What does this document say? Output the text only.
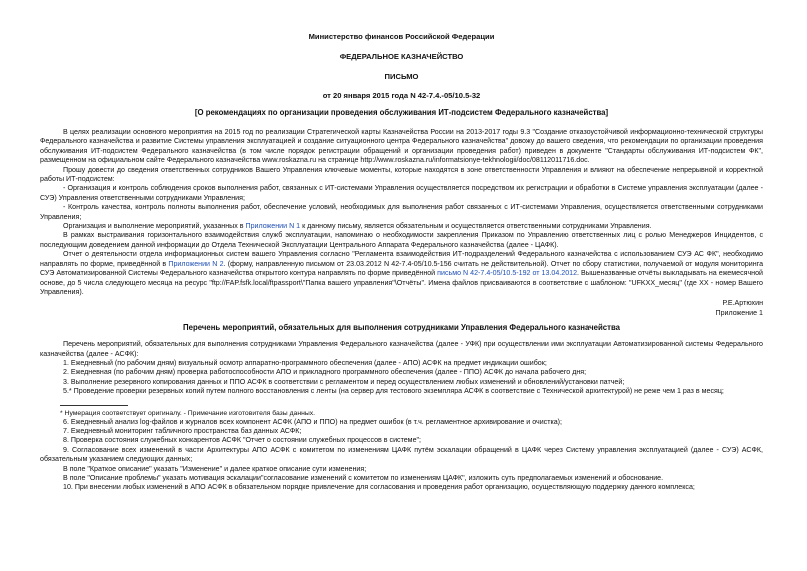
Министерство финансов Российской Федерации
ФЕДЕРАЛЬНОЕ КАЗНАЧЕЙСТВО
ПИСЬМО
от 20 января 2015 года N 42-7.4.-05/10.5-32
[О рекомендациях по организации проведения обслуживания ИТ-подсистем Федерального казначейства]

В целях реализации основного мероприятия на 2015 год по реализации Стратегической карты Казначейства России на 2013-2017 годы 9.3 "Создание отказоустойчивой информационно-технической структуры Федерального казначейства и развитие Системы управления эксплуатацией и создание ситуационного центра Федерального казначейства" довожу до вашего сведения, что рекомендации по организации проведения обслуживания ИТ-подсистем Федерального казначейства (в том числе порядок регистрации обращений и организации проведения работ) приведен в документе "Стандарты обслуживания ИТ-подсистем ФК", размещенном на официальном сайте Федерального казначейства www.roskazna.ru на странице http://www.roskazna.ru/informatsionye-tekhnologii/doc/08112011716.doc.

Прошу довести до сведения ответственных сотрудников Вашего Управления ключевые моменты, которые находятся в зоне ответственности Управления и влияют на обеспечение непрерывной и корректной работы ИТ-подсистем:

- Организация и контроль соблюдения сроков выполнения работ, связанных с ИТ-системами Управления осуществляется посредством их регистрации и обработки в Системе управления эксплуатации (далее - СУЭ) Управления ответственными сотрудниками Управления;

- Контроль качества, контроль полноты выполнения работ, обеспечение условий, необходимых для выполнения работ связанных с ИТ-системами Управления, осуществляется ответственными сотрудниками Управления;

Организация и выполнение мероприятий, указанных в Приложении N 1 к данному письму, является обязательным и осуществляется ответственными сотрудниками Управления.

В рамках выстраивания горизонтального взаимодействия служб эксплуатации, напоминаю о необходимости закрепления Приказом по Управлению ответственных лиц с ролью Менеджеров Инцидентов, с последующим доведением данной информации до Отдела Технической Эксплуатации Центрального Аппарата Федерального казначейства (далее - ЦАФК).

Отчет о деятельности отдела информационных систем вашего Управления согласно "Регламента взаимодействия ИТ-подразделений Федерального казначейства с использованием СУЭ АС ФК", необходимо направлять по форме, приведённой в Приложении N 2. (форму, направленную письмом от 23.03.2012 N 42-7.4-05/10.5-156 считать не действительной). Отчет по сбору статистики, получаемой от модуля мониторинга СУЭ Автоматизированной Системы Федерального казначейства открытого контура направлять по форме приведённой письмо N 42-7.4-05/10.5-192 от 13.04.2012. Вышеназванные отчёты выкладывать на ежемесячной основе, до 5 числа следующего месяца на ресурс "ftp://FAP.fsfk.local/ftpassport\"Папка вашего управления"\Отчёты". Имена файлов присваиваются в соответствие с шаблоном: "UFKXX_месяц" (где XX - номер Вашего Управления).

Р.Е.Артюхин
Приложение 1
Перечень мероприятий, обязательных для выполнения сотрудниками Управления Федерального казначейства

Перечень мероприятий, обязательных для выполнения сотрудниками Управления Федерального казначейства (далее - УФК) при осуществлении ими эксплуатации Автоматизированной системы Федерального казначейства (далее - АСФК):

1. Ежедневный (по рабочим дням) визуальный осмотр аппаратно-программного обеспечения (далее - АПО) АСФК на предмет индикации ошибок;

2. Ежедневная (по рабочим дням) проверка работоспособности АПО и прикладного программного обеспечения (далее - ППО) АСФК до начала рабочего дня;

3. Выполнение резервного копирования данных и ППО АСФК в соответствии с регламентом и перед осуществлением любых изменений и обновлений/установки патчей;

5.* Проведение проверки резервных копий путем полного восстановления с ленты (на сервер для тестового экземпляра АСФК в соответствие с Технической архитектурой) не реже чем 1 раз в месяц;

* Нумерация соответствует оригиналу. - Примечание изготовителя базы данных.

6. Ежедневный анализ log-файлов и журналов всех компонент АСФК (АПО и ППО) на предмет ошибок (в т.ч. регламентное архивирование и очистка);

7. Ежедневный мониторинг табличного пространства баз данных АСФК;

8. Проверка состояния служебных конкарентов АСФК "Отчет о состоянии служебных процессов в системе";

9. Согласование всех изменений в части Архитектуры АПО АСФК с комитетом по изменениям ЦАФК путём эскалации обращений в ЦАФК через Систему управления эксплуатацией (далее - СУЭ) АСФК, обязательным указанием следующих данных;

В поле "Краткое описание" указать "Изменение" и далее краткое описание сути изменения;

В поле "Описание проблемы" указать мотивация эскалации"согласование изменений с комитетом по изменениям ЦАФК", изложить суть предполагаемых изменений и обоснование.

10. При внесении любых изменений в АПО АСФК в обязательном порядке привлечение для согласования и проведения работ организацию, осуществляющую поддержку данного комплекса;
